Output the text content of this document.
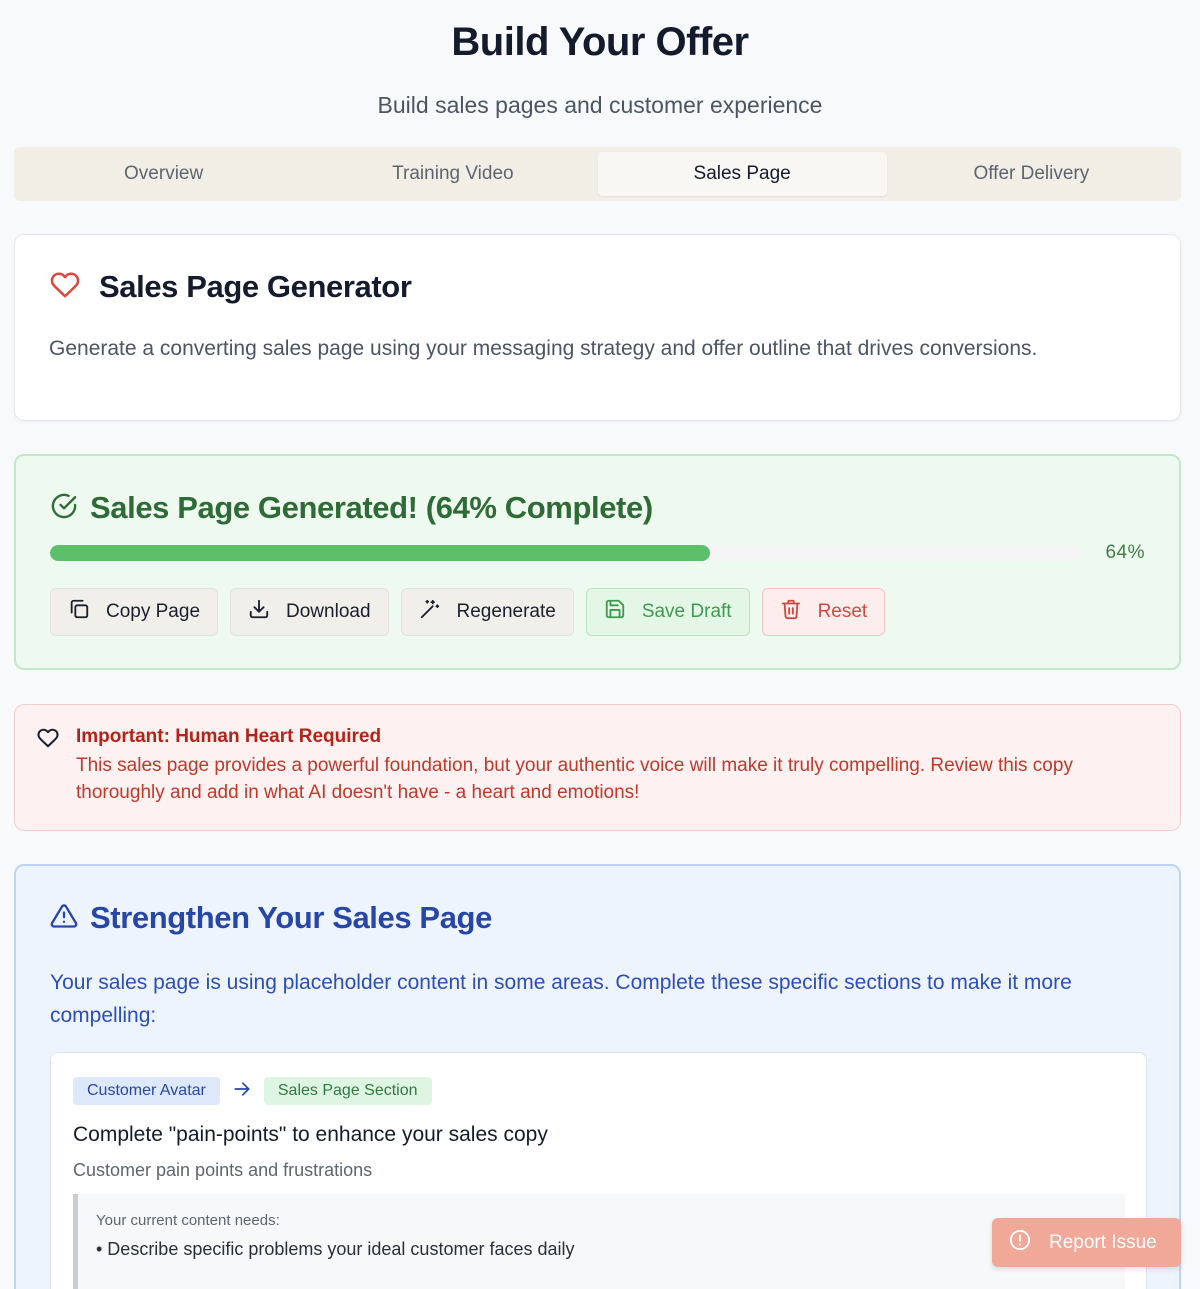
Build Your Offer

Build sales pages and customer experience

Overview	Training Video	Sales Page	Offer Delivery
Sales Page Generator

Generate a converting sales page using your messaging strategy and offer outline that drives conversions.

Sales Page Generated! (64% Complete)
64%
Copy Page	Download	Regenerate	Save Draft	Reset
Important: Human Heart Required

This sales page provides a powerful foundation, but your authentic voice will make it truly compelling. Review this copy thoroughly and add in what AI doesn't have - a heart and emotions!

Strengthen Your Sales Page

Your sales page is using placeholder content in some areas. Complete these specific sections to make it more compelling:

Customer Avatar	Sales Page Section
Complete "pain-points" to enhance your sales copy
Customer pain points and frustrations
Your current content needs:
• Describe specific problems your ideal customer faces daily	Report Issue
